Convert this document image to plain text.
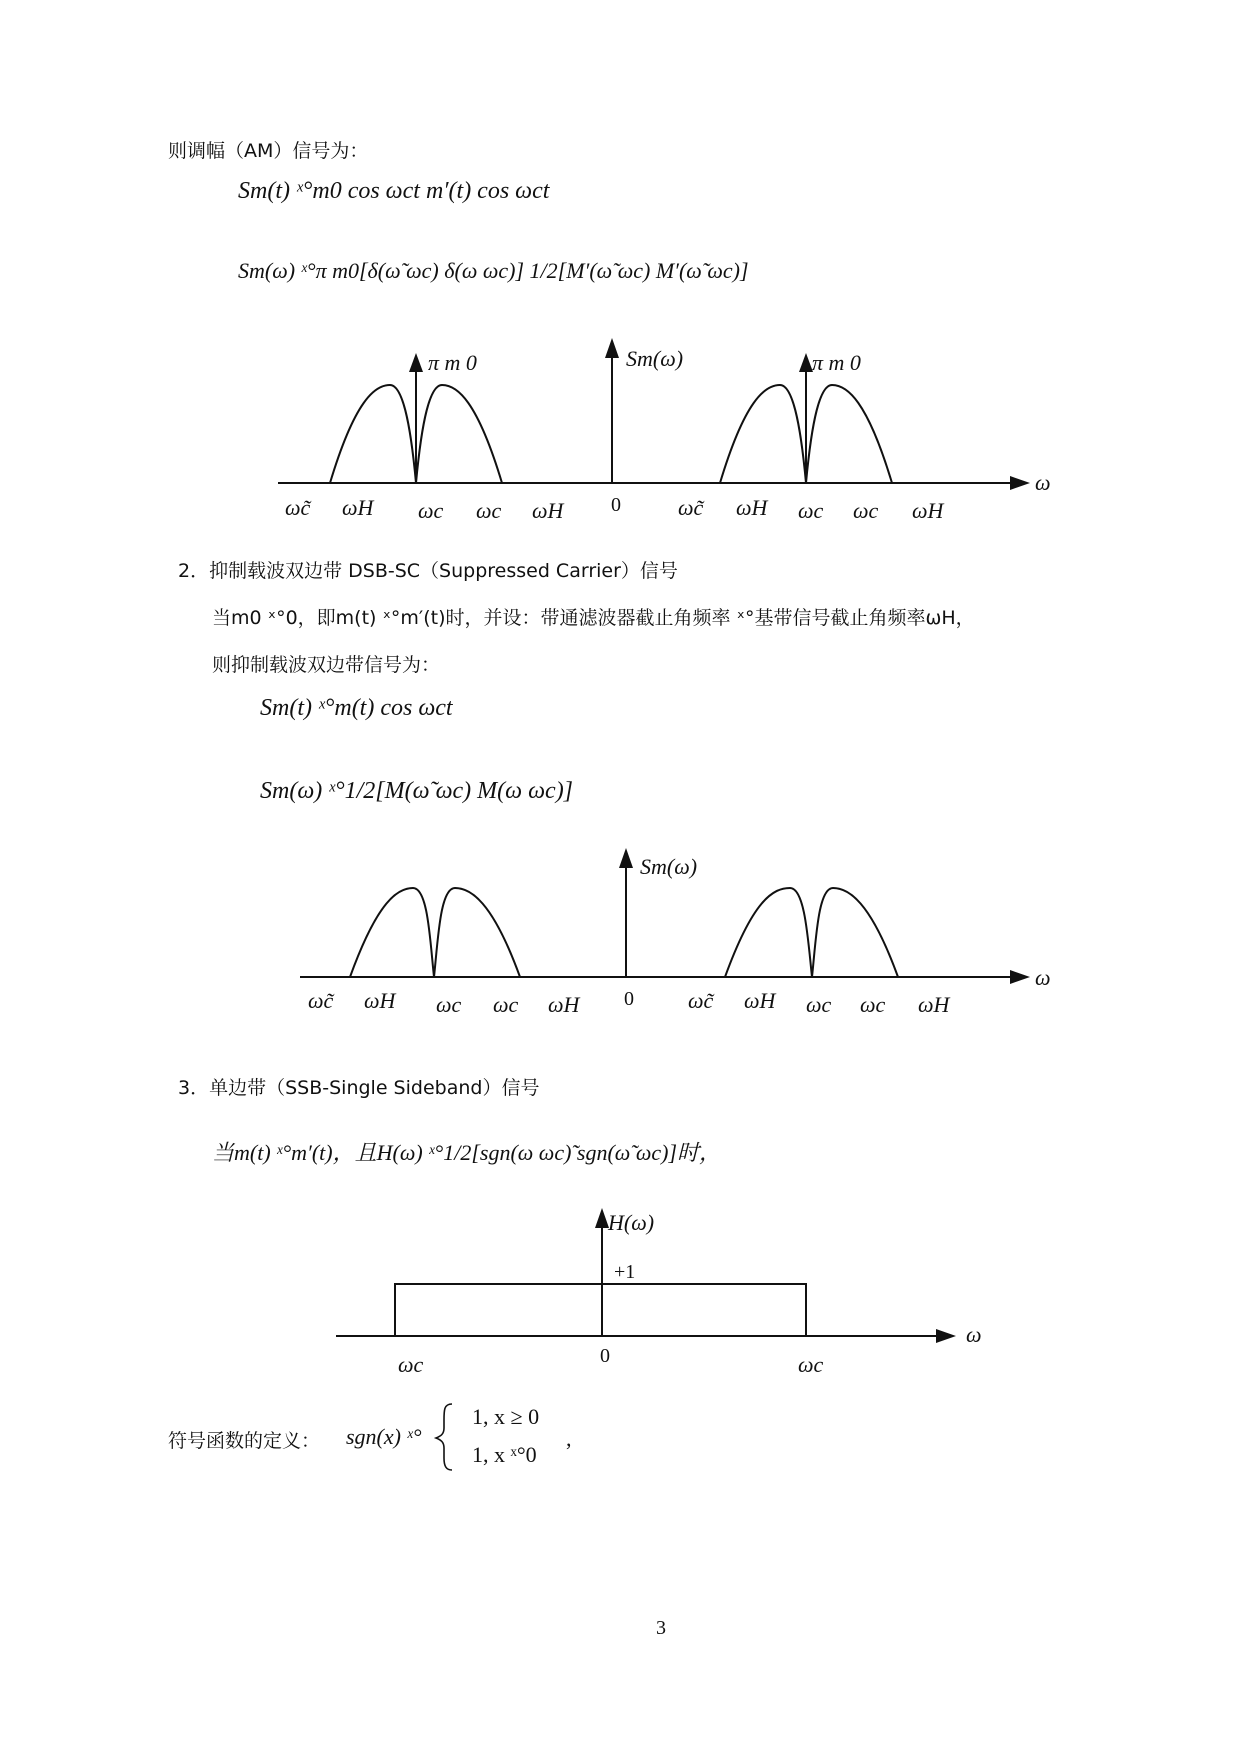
则调幅（AM）信号为：
Sm(t) ˣ°m0 cos ωct m′(t) cos ωct
Sm(ω) ˣ°π m0[δ(ω̃ ωc) δ(ω ωc)] 1/2[M′(ω̃ ωc) M′(ω̃ ωc)]
π m 0	π m 0
Sm(ω)
ω
ωc̃ ωH ωc ωc ωH 0	ωc̃ ωH ωc ωc ωH
2．抑制载波双边带 DSB-SC（Suppressed Carrier）信号
当m0 ˣ°0，即m(t) ˣ°m′(t)时，并设：带通滤波器截止角频率 ˣ°基带信号截止角频率ωH，
则抑制载波双边带信号为：
Sm(t) ˣ°m(t) cos ωct
Sm(ω) ˣ°1/2[M(ω̃ ωc) M(ω ωc)]
Sm(ω)
ω
ωc̃ ωH ωc ωc ωH 0 ωc̃ ωH ωc ωc ωH
3．单边带（SSB-Single Sideband）信号
当m(t) ˣ°m′(t)，且H(ω) ˣ°1/2[sgn(ω ωc)̃ sgn(ω̃ ωc)]时，
H(ω)
+1
ω
ωc	0	ωc
符号函数的定义： sgn(x) ˣ°
1, x ≥ 0
1, x ˣ°0
,
3
